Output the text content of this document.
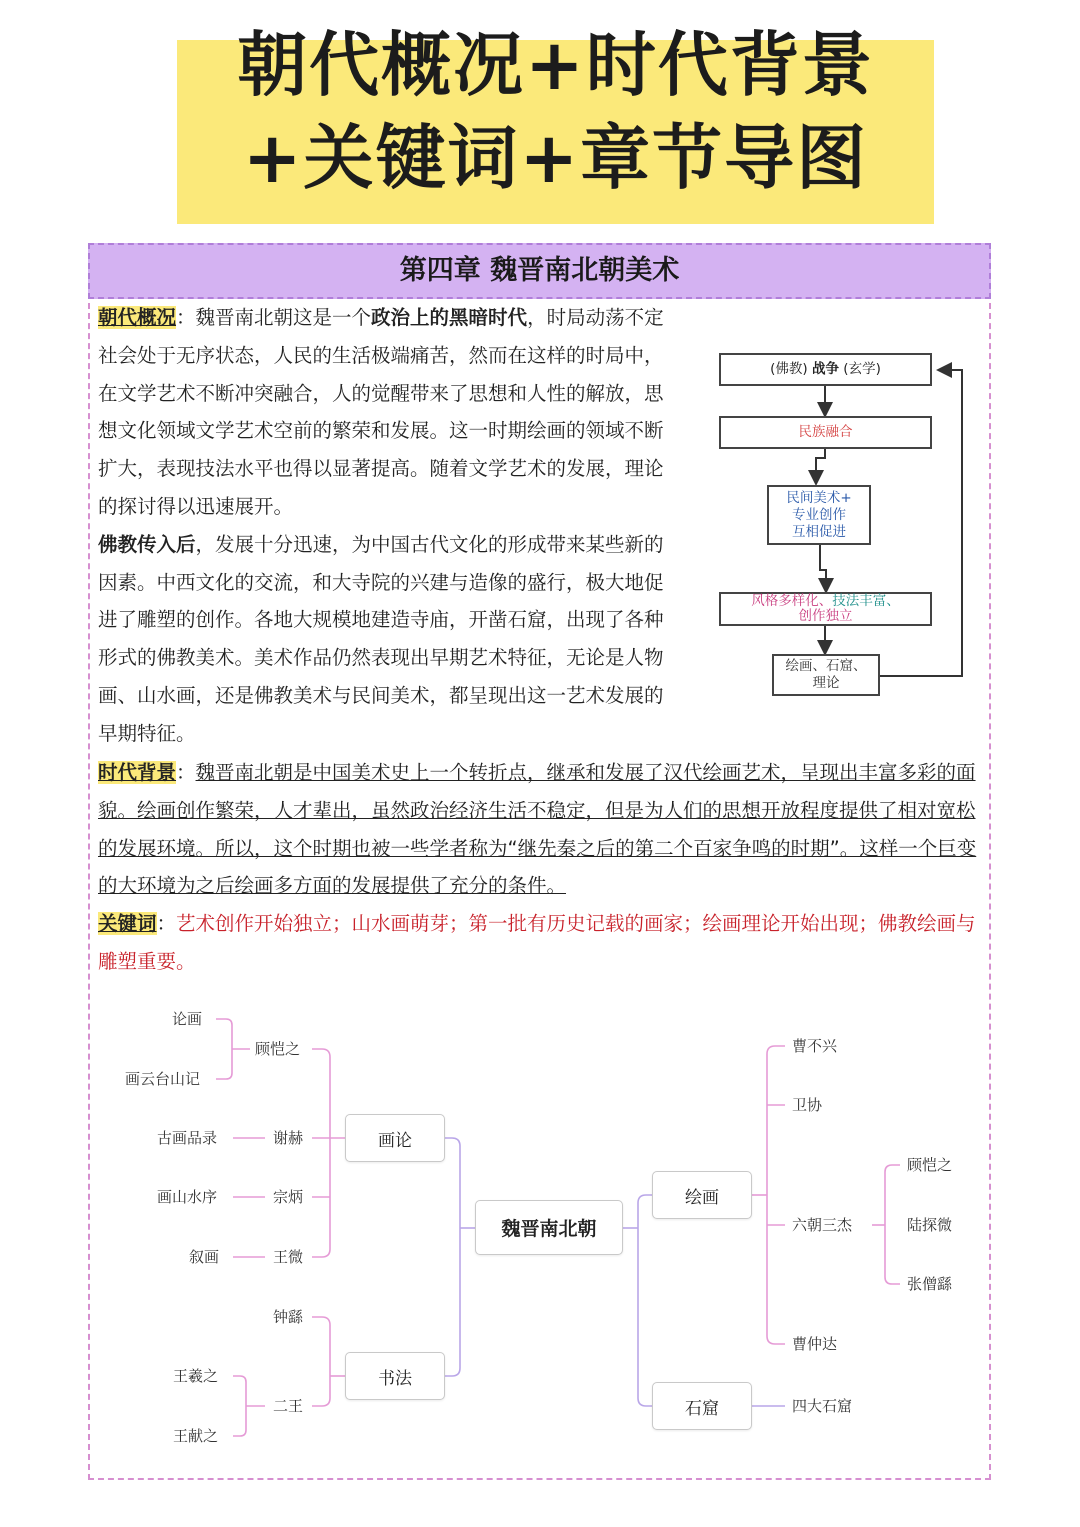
朝代概况+时代背景
+关键词+章节导图
第四章 魏晋南北朝美术

朝代概况：魏晋南北朝这是一个政治上的黑暗时代，时局动荡不定社会处于无序状态，人民的生活极端痛苦，然而在这样的时局中，在文学艺术不断冲突融合，人的觉醒带来了思想和人性的解放，思想文化领域文学艺术空前的繁荣和发展。这一时期绘画的领域不断扩大，表现技法水平也得以显著提高。随着文学艺术的发展，理论的探讨得以迅速展开。
佛教传入后，发展十分迅速，为中国古代文化的形成带来某些新的因素。中西文化的交流，和大寺院的兴建与造像的盛行，极大地促进了雕塑的创作。各地大规模地建造寺庙，开凿石窟，出现了各种形式的佛教美术。美术作品仍然表现出早期艺术特征，无论是人物画、山水画，还是佛教美术与民间美术，都呈现出这一艺术发展的早期特征。

(佛教)
战争
(玄学)
民族融合
民间美术+
专业创作
互相促进
风格多样化、技法丰富、
创作独立
绘画、石窟、
理论

时代背景：魏晋南北朝是中国美术史上一个转折点，继承和发展了汉代绘画艺术，呈现出丰富多彩的面貌。绘画创作繁荣，人才辈出，虽然政治经济生活不稳定，但是为人们的思想开放程度提供了相对宽松的发展环境。所以，这个时期也被一些学者称为“继先秦之后的第二个百家争鸣的时期”。这样一个巨变的大环境为之后绘画多方面的发展提供了充分的条件。

关键词：艺术创作开始独立；山水画萌芽；第一批有历史记载的画家；绘画理论开始出现；佛教绘画与雕塑重要。

魏晋南北朝
画论
书法
绘画
石窟
论画
顾恺之
画云台山记
古画品录	谢赫
画山水序	宗炳
叙画	王微
钟繇
王羲之
二王
王献之
曹不兴
卫协
六朝三杰
顾恺之
陆探微
张僧繇
曹仲达
四大石窟
